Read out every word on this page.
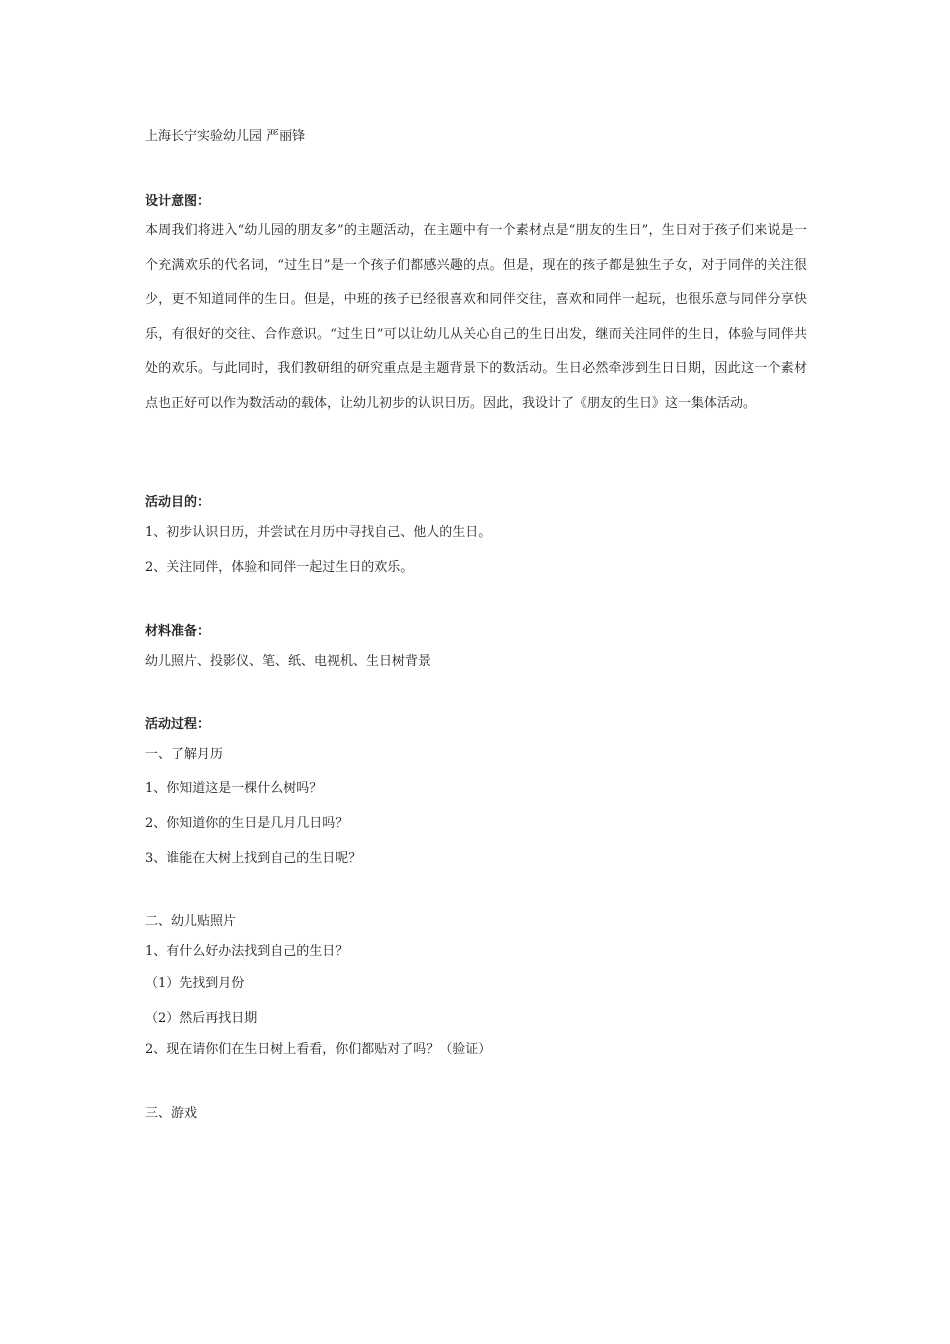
上海长宁实验幼儿园 严丽锋
设计意图：
本周我们将进入“幼儿园的朋友多”的主题活动，在主题中有一个素材点是“朋友的生日”，生日对于孩子们来说是一个充满欢乐的代名词，“过生日”是一个孩子们都感兴趣的点。但是，现在的孩子都是独生子女，对于同伴的关注很少，更不知道同伴的生日。但是，中班的孩子已经很喜欢和同伴交往，喜欢和同伴一起玩，也很乐意与同伴分享快乐，有很好的交往、合作意识。“过生日”可以让幼儿从关心自己的生日出发，继而关注同伴的生日，体验与同伴共处的欢乐。与此同时，我们教研组的研究重点是主题背景下的数活动。生日必然牵涉到生日日期，因此这一个素材点也正好可以作为数活动的载体，让幼儿初步的认识日历。因此，我设计了《朋友的生日》这一集体活动。
活动目的：
1、初步认识日历，并尝试在月历中寻找自己、他人的生日。
2、关注同伴，体验和同伴一起过生日的欢乐。
材料准备：
幼儿照片、投影仪、笔、纸、电视机、生日树背景
活动过程：
一、了解月历
1、你知道这是一棵什么树吗？
2、你知道你的生日是几月几日吗？
3、谁能在大树上找到自己的生日呢？
二、幼儿贴照片
1、有什么好办法找到自己的生日？
（1）先找到月份
（2）然后再找日期
2、现在请你们在生日树上看看，你们都贴对了吗？（验证）
三、游戏
